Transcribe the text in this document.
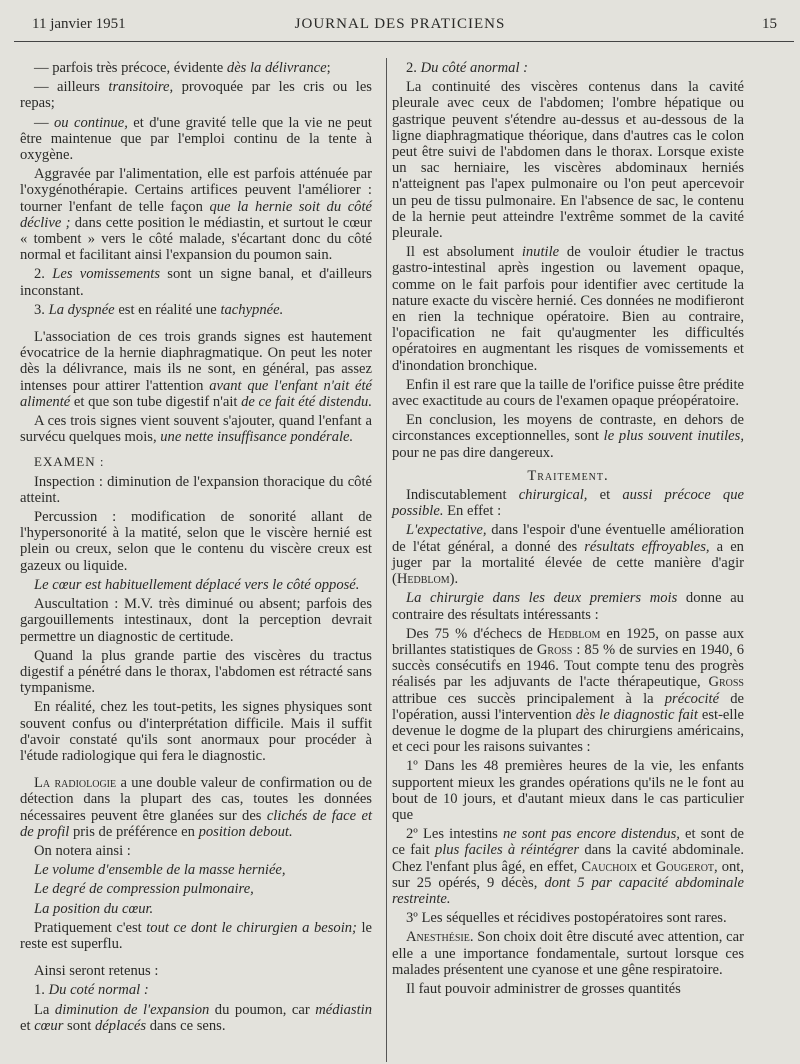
11 janvier 1951	JOURNAL DES PRATICIENS	15

— parfois très précoce, évidente dès la délivrance;

— ailleurs transitoire, provoquée par les cris ou les repas;

— ou continue, et d'une gravité telle que la vie ne peut être maintenue que par l'emploi continu de la tente à oxygène.

Aggravée par l'alimentation, elle est parfois atténuée par l'oxygénothérapie. Certains artifices peuvent l'améliorer : tourner l'enfant de telle façon que la hernie soit du côté déclive ; dans cette position le médiastin, et surtout le cœur « tombent » vers le côté malade, s'écartant donc du côté normal et facilitant ainsi l'expansion du poumon sain.

2. Les vomissements sont un signe banal, et d'ailleurs inconstant.

3. La dyspnée est en réalité une tachypnée.

L'association de ces trois grands signes est hautement évocatrice de la hernie diaphragmatique. On peut les noter dès la délivrance, mais ils ne sont, en général, pas assez intenses pour attirer l'attention avant que l'enfant n'ait été alimenté et que son tube digestif n'ait de ce fait été distendu.

A ces trois signes vient souvent s'ajouter, quand l'enfant a survécu quelques mois, une nette insuffisance pondérale.

EXAMEN :

Inspection : diminution de l'expansion thoracique du côté atteint.

Percussion : modification de sonorité allant de l'hypersonorité à la matité, selon que le viscère hernié est plein ou creux, selon que le contenu du viscère creux est gazeux ou liquide.

Le cœur est habituellement déplacé vers le côté opposé.

Auscultation : M.V. très diminué ou absent; parfois des gargouillements intestinaux, dont la perception devrait permettre un diagnostic de certitude.

Quand la plus grande partie des viscères du tractus digestif a pénétré dans le thorax, l'abdomen est rétracté sans tympanisme.

En réalité, chez les tout-petits, les signes physiques sont souvent confus ou d'interprétation difficile. Mais il suffit d'avoir constaté qu'ils sont anormaux pour procéder à l'étude radiologique qui fera le diagnostic.

La radiologie a une double valeur de confirmation ou de détection dans la plupart des cas, toutes les données nécessaires peuvent être glanées sur des clichés de face et de profil pris de préférence en position debout.

On notera ainsi :

Le volume d'ensemble de la masse herniée,

Le degré de compression pulmonaire,

La position du cœur.

Pratiquement c'est tout ce dont le chirurgien a besoin; le reste est superflu.

Ainsi seront retenus :

1. Du coté normal :

La diminution de l'expansion du poumon, car médiastin et cœur sont déplacés dans ce sens.

2. Du côté anormal :

La continuité des viscères contenus dans la cavité pleurale avec ceux de l'abdomen; l'ombre hépatique ou gastrique peuvent s'étendre au-dessus et au-dessous de la ligne diaphragmatique théorique, dans d'autres cas le colon peut être suivi de l'abdomen dans le thorax. Lorsque existe un sac herniaire, les viscères abdominaux herniés n'atteignent pas l'apex pulmonaire ou l'on peut apercevoir un peu de tissu pulmonaire. En l'absence de sac, le contenu de la hernie peut atteindre l'extrême sommet de la cavité pleurale.

Il est absolument inutile de vouloir étudier le tractus gastro-intestinal après ingestion ou lavement opaque, comme on le fait parfois pour identifier avec certitude la nature exacte du viscère hernié. Ces données ne modifieront en rien la technique opératoire. Bien au contraire, l'opacification ne fait qu'augmenter les difficultés opératoires en augmentant les risques de vomissements et d'inondation bronchique.

Enfin il est rare que la taille de l'orifice puisse être prédite avec exactitude au cours de l'examen opaque préopératoire.

En conclusion, les moyens de contraste, en dehors de circonstances exceptionnelles, sont le plus souvent inutiles, pour ne pas dire dangereux.

Traitement.

Indiscutablement chirurgical, et aussi précoce que possible. En effet :

L'expectative, dans l'espoir d'une éventuelle amélioration de l'état général, a donné des résultats effroyables, a en juger par la mortalité élevée de cette manière d'agir (Hedblom).

La chirurgie dans les deux premiers mois donne au contraire des résultats intéressants :

Des 75 % d'échecs de Hedblom en 1925, on passe aux brillantes statistiques de Gross : 85 % de survies en 1940, 6 succès consécutifs en 1946. Tout compte tenu des progrès réalisés par les adjuvants de l'acte thérapeutique, Gross attribue ces succès principalement à la précocité de l'opération, aussi l'intervention dès le diagnostic fait est-elle devenue le dogme de la plupart des chirurgiens américains, et ceci pour les raisons suivantes :

1º Dans les 48 premières heures de la vie, les enfants supportent mieux les grandes opérations qu'ils ne le font au bout de 10 jours, et d'autant mieux dans le cas particulier que

2º Les intestins ne sont pas encore distendus, et sont de ce fait plus faciles à réintégrer dans la cavité abdominale. Chez l'enfant plus âgé, en effet, Cauchoix et Gougerot, ont, sur 25 opérés, 9 décès, dont 5 par capacité abdominale restreinte.

3º Les séquelles et récidives postopératoires sont rares.

Anesthésie. Son choix doit être discuté avec attention, car elle a une importance fondamentale, surtout lorsque ces malades présentent une cyanose et une gêne respiratoire.

Il faut pouvoir administrer de grosses quantités
